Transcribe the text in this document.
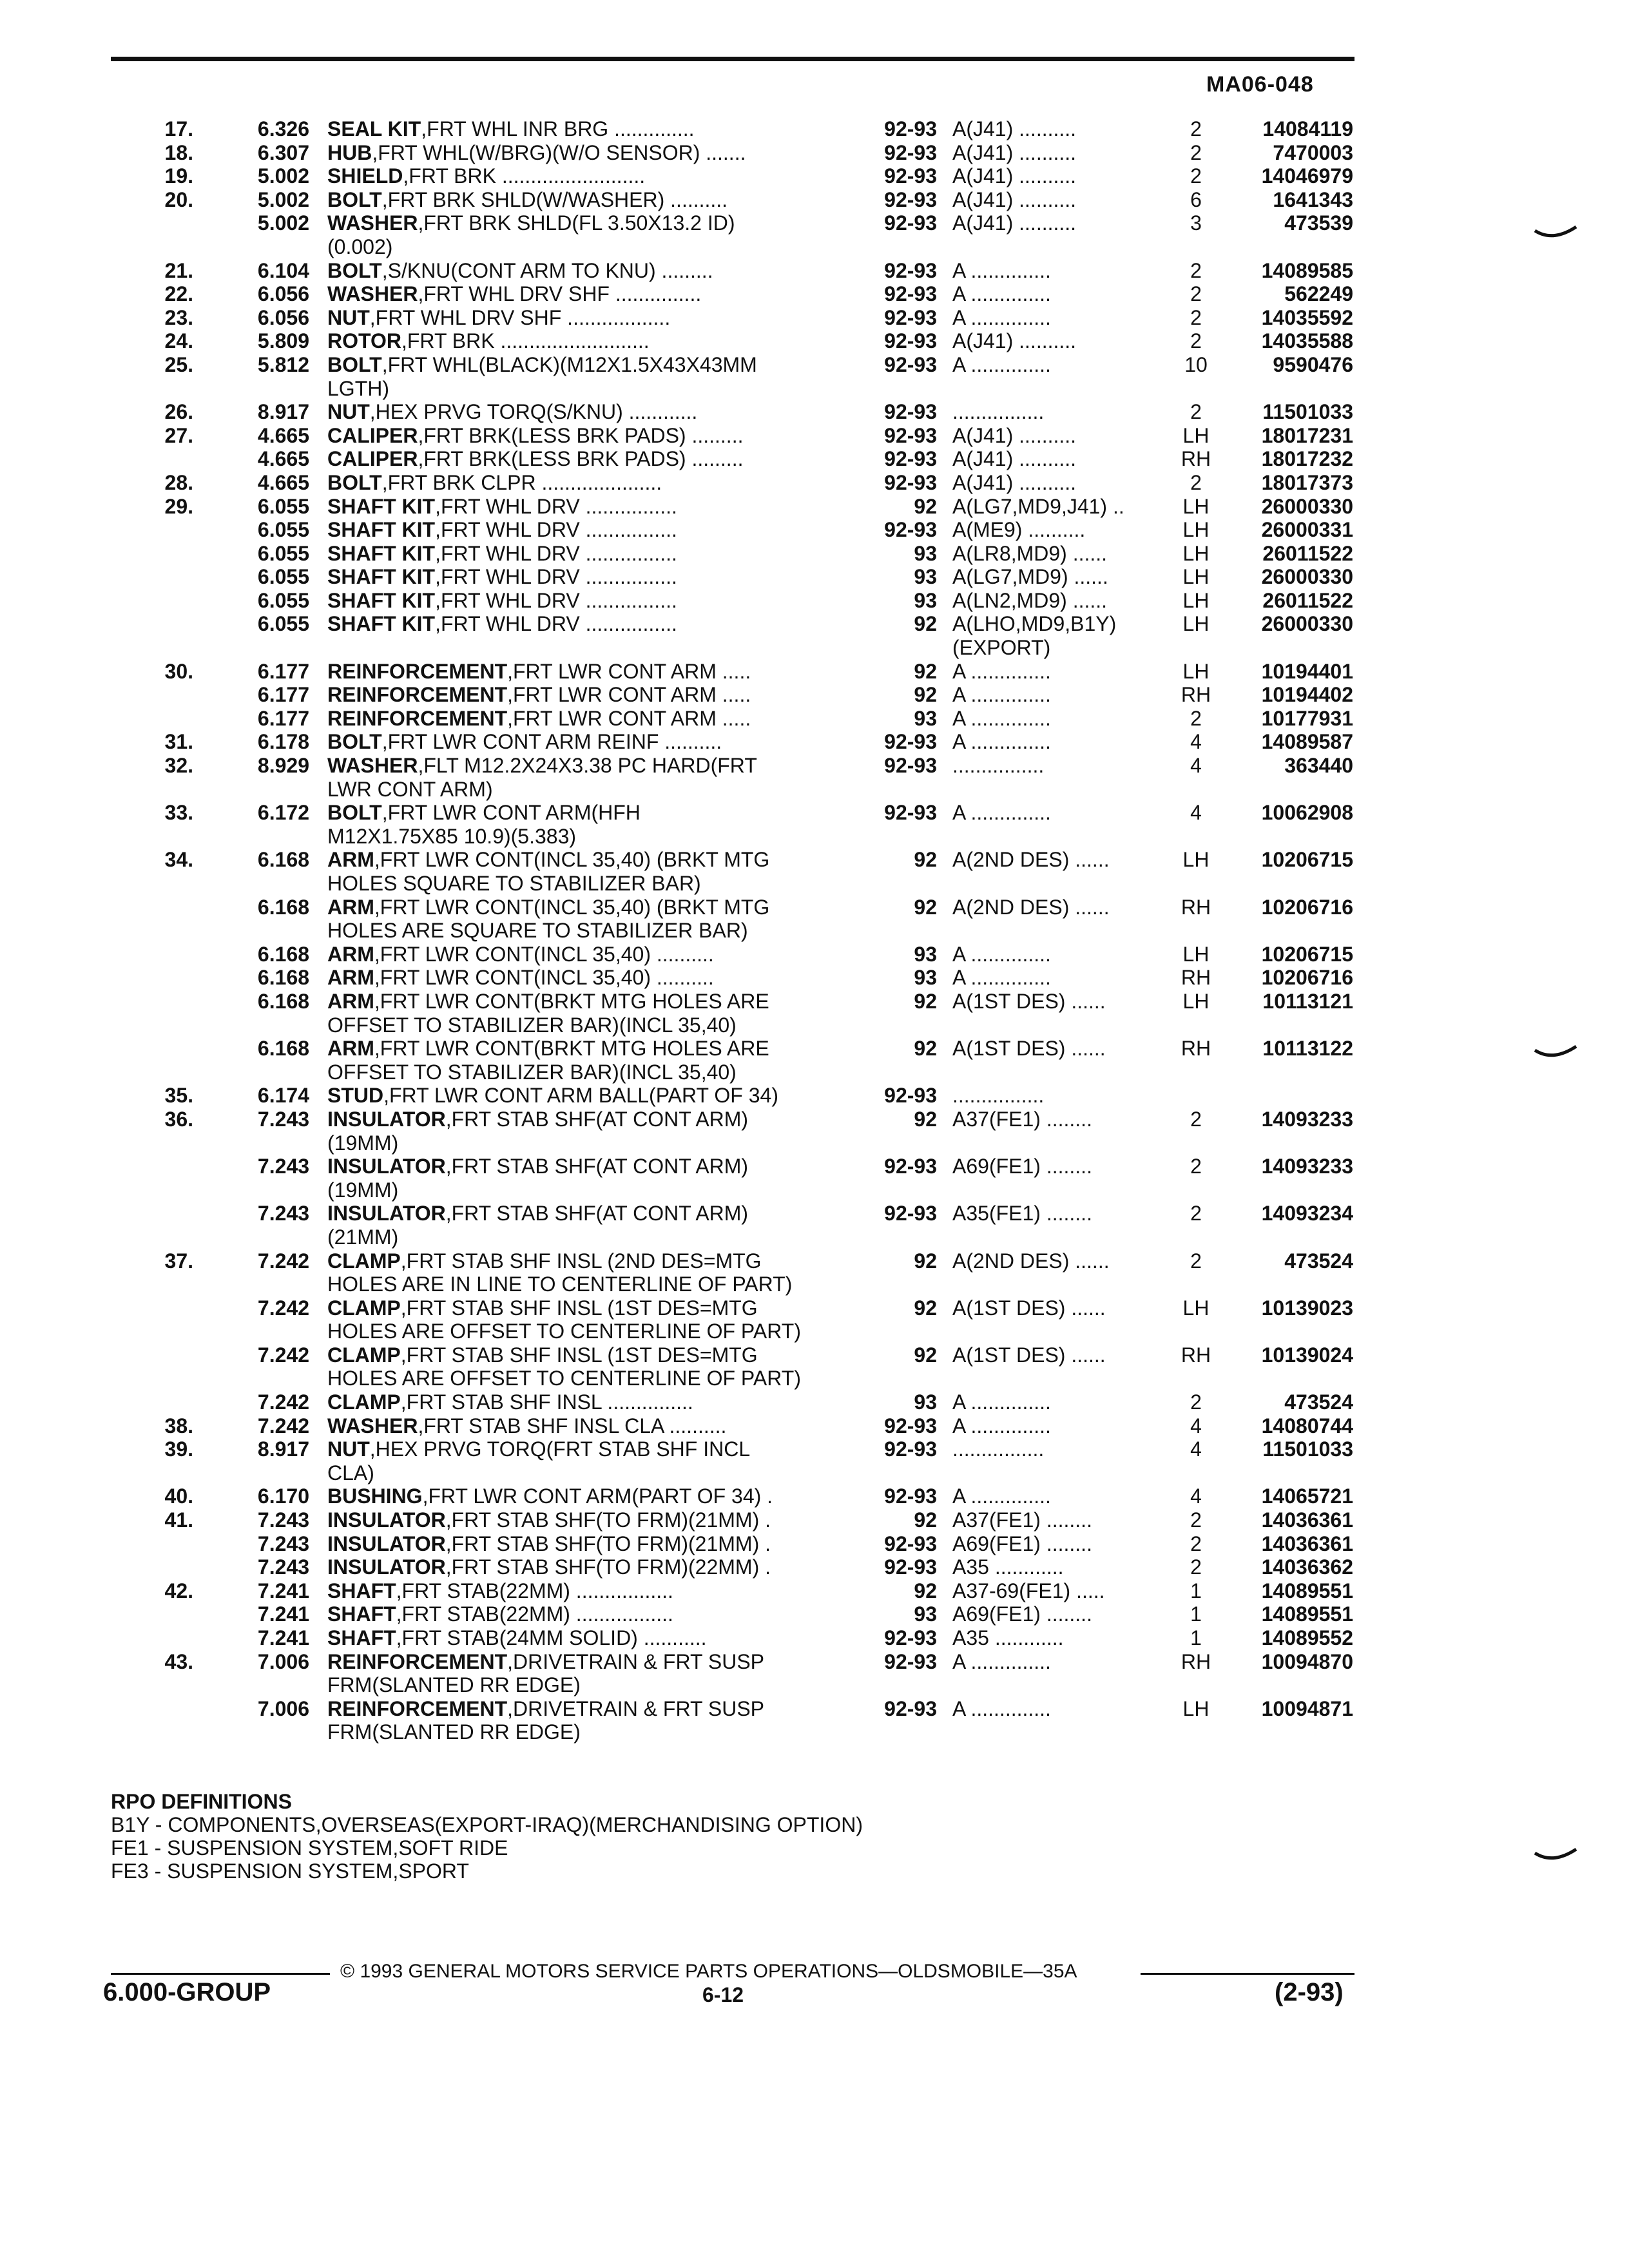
MA06-048
17.	6.326 SEAL KIT,FRT WHL INR BRG ..............	92-93 A(J41) ..........	2	14084119
18.	6.307 HUB,FRT WHL(W/BRG)(W/O SENSOR) .......	92-93 A(J41) ..........	2	7470003
19.	5.002 SHIELD,FRT BRK .........................	92-93 A(J41) ..........	2	14046979
20.	5.002 BOLT,FRT BRK SHLD(W/WASHER) ..........	92-93 A(J41) ..........	6	1641343
5.002 WASHER,FRT BRK SHLD(FL 3.50X13.2 ID)	92-93 A(J41) ..........	3	473539
(0.002)
21.	6.104 BOLT,S/KNU(CONT ARM TO KNU) .........	92-93 A ..............	2	14089585
22.	6.056 WASHER,FRT WHL DRV SHF ...............	92-93 A ..............	2	562249
23.	6.056 NUT,FRT WHL DRV SHF ..................	92-93 A ..............	2	14035592
24.	5.809 ROTOR,FRT BRK ..........................	92-93 A(J41) ..........	2	14035588
25.	5.812 BOLT,FRT WHL(BLACK)(M12X1.5X43X43MM	92-93 A ..............	10	9590476
LGTH)
26.	8.917 NUT,HEX PRVG TORQ(S/KNU) ............	92-93 ................	2	11501033
27.	4.665 CALIPER,FRT BRK(LESS BRK PADS) .........	92-93 A(J41) ..........	LH	18017231
4.665 CALIPER,FRT BRK(LESS BRK PADS) .........	92-93 A(J41) ..........	RH	18017232
28.	4.665 BOLT,FRT BRK CLPR .....................	92-93 A(J41) ..........	2	18017373
29.	6.055 SHAFT KIT,FRT WHL DRV ................	92 A(LG7,MD9,J41) ..	LH	26000330
6.055 SHAFT KIT,FRT WHL DRV ................	92-93 A(ME9) ..........	LH	26000331
6.055 SHAFT KIT,FRT WHL DRV ................	93 A(LR8,MD9) ......	LH	26011522
6.055 SHAFT KIT,FRT WHL DRV ................	93 A(LG7,MD9) ......	LH	26000330
6.055 SHAFT KIT,FRT WHL DRV ................	93 A(LN2,MD9) ......	LH	26011522
6.055 SHAFT KIT,FRT WHL DRV ................	92 A(LHO,MD9,B1Y)	LH	26000330
(EXPORT)
30.	6.177 REINFORCEMENT,FRT LWR CONT ARM .....	92 A ..............	LH	10194401
6.177 REINFORCEMENT,FRT LWR CONT ARM .....	92 A ..............	RH	10194402
6.177 REINFORCEMENT,FRT LWR CONT ARM .....	93 A ..............	2	10177931
31.	6.178 BOLT,FRT LWR CONT ARM REINF ..........	92-93 A ..............	4	14089587
32.	8.929 WASHER,FLT M12.2X24X3.38 PC HARD(FRT	92-93 ................	4	363440
LWR CONT ARM)
33.	6.172 BOLT,FRT LWR CONT ARM(HFH	92-93 A ..............	4	10062908
M12X1.75X85 10.9)(5.383)
34.	6.168 ARM,FRT LWR CONT(INCL 35,40) (BRKT MTG	92 A(2ND DES) ......	LH	10206715
HOLES SQUARE TO STABILIZER BAR)
6.168 ARM,FRT LWR CONT(INCL 35,40) (BRKT MTG	92 A(2ND DES) ......	RH	10206716
HOLES ARE SQUARE TO STABILIZER BAR)
6.168 ARM,FRT LWR CONT(INCL 35,40) ..........	93 A ..............	LH	10206715
6.168 ARM,FRT LWR CONT(INCL 35,40) ..........	93 A ..............	RH	10206716
6.168 ARM,FRT LWR CONT(BRKT MTG HOLES ARE	92 A(1ST DES) ......	LH	10113121
OFFSET TO STABILIZER BAR)(INCL 35,40)
6.168 ARM,FRT LWR CONT(BRKT MTG HOLES ARE	92 A(1ST DES) ......	RH	10113122
OFFSET TO STABILIZER BAR)(INCL 35,40)
35.	6.174 STUD,FRT LWR CONT ARM BALL(PART OF 34)	92-93 ................
36.	7.243 INSULATOR,FRT STAB SHF(AT CONT ARM)	92 A37(FE1) ........	2	14093233
(19MM)
7.243 INSULATOR,FRT STAB SHF(AT CONT ARM)	92-93 A69(FE1) ........	2	14093233
(19MM)
7.243 INSULATOR,FRT STAB SHF(AT CONT ARM)	92-93 A35(FE1) ........	2	14093234
(21MM)
37.	7.242 CLAMP,FRT STAB SHF INSL (2ND DES=MTG	92 A(2ND DES) ......	2	473524
HOLES ARE IN LINE TO CENTERLINE OF PART)
7.242 CLAMP,FRT STAB SHF INSL (1ST DES=MTG	92 A(1ST DES) ......	LH	10139023
HOLES ARE OFFSET TO CENTERLINE OF PART)
7.242 CLAMP,FRT STAB SHF INSL (1ST DES=MTG	92 A(1ST DES) ......	RH	10139024
HOLES ARE OFFSET TO CENTERLINE OF PART)
7.242 CLAMP,FRT STAB SHF INSL ...............	93 A ..............	2	473524
38.	7.242 WASHER,FRT STAB SHF INSL CLA ..........	92-93 A ..............	4	14080744
39.	8.917 NUT,HEX PRVG TORQ(FRT STAB SHF INCL	92-93 ................	4	11501033
CLA)
40.	6.170 BUSHING,FRT LWR CONT ARM(PART OF 34) .	92-93 A ..............	4	14065721
41.	7.243 INSULATOR,FRT STAB SHF(TO FRM)(21MM) .	92 A37(FE1) ........	2	14036361
7.243 INSULATOR,FRT STAB SHF(TO FRM)(21MM) .	92-93 A69(FE1) ........	2	14036361
7.243 INSULATOR,FRT STAB SHF(TO FRM)(22MM) .	92-93 A35 ............	2	14036362
42.	7.241 SHAFT,FRT STAB(22MM) .................	92 A37-69(FE1) .....	1	14089551
7.241 SHAFT,FRT STAB(22MM) .................	93 A69(FE1) ........	1	14089551
7.241 SHAFT,FRT STAB(24MM SOLID) ...........	92-93 A35 ............	1	14089552
43.	7.006 REINFORCEMENT,DRIVETRAIN & FRT SUSP	92-93 A ..............	RH	10094870
FRM(SLANTED RR EDGE)
7.006 REINFORCEMENT,DRIVETRAIN & FRT SUSP	92-93 A ..............	LH	10094871
FRM(SLANTED RR EDGE)
RPO DEFINITIONS
B1Y - COMPONENTS,OVERSEAS(EXPORT-IRAQ)(MERCHANDISING OPTION)
FE1 - SUSPENSION SYSTEM,SOFT RIDE
FE3 - SUSPENSION SYSTEM,SPORT
© 1993 GENERAL MOTORS SERVICE PARTS OPERATIONS—OLDSMOBILE—35A
6.000-GROUP	6-12	(2-93)
